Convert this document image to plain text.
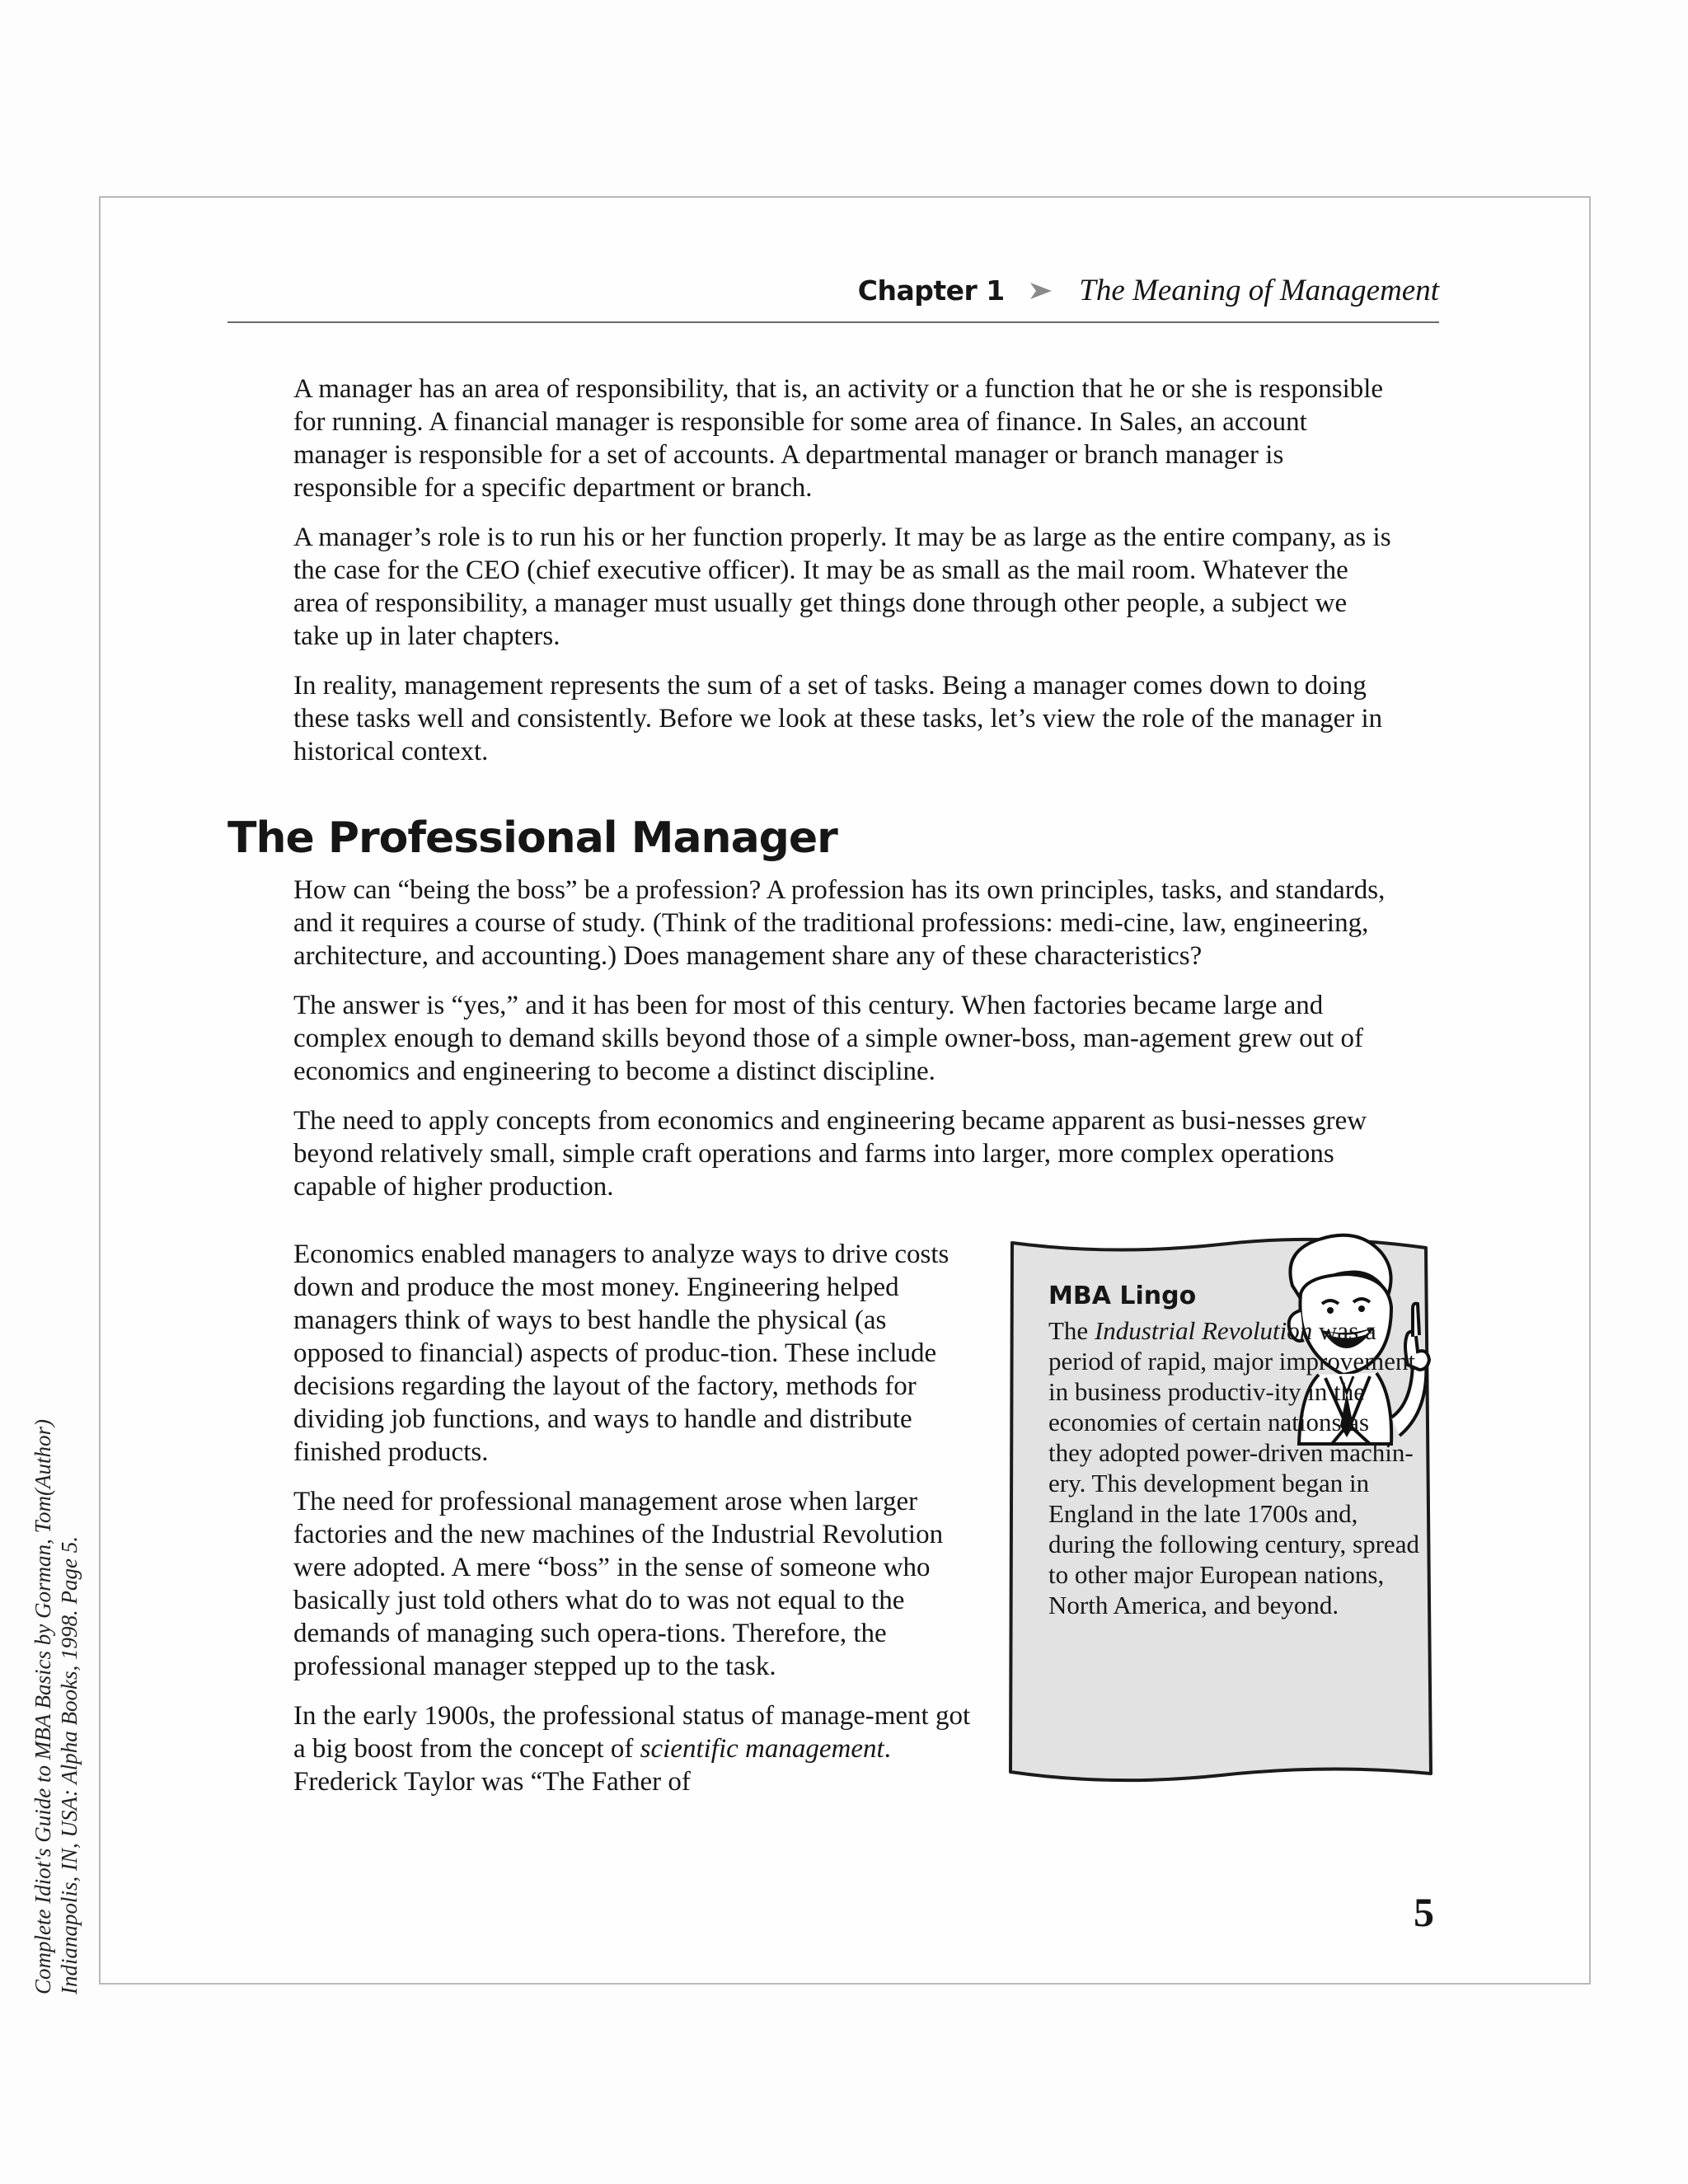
Chapter 1 The Meaning of Management

A manager has an area of responsibility, that is, an activity or a function that he or she is responsible for running. A financial manager is responsible for some area of finance. In Sales, an account manager is responsible for a set of accounts. A departmental manager or branch manager is responsible for a specific department or branch.

A manager’s role is to run his or her function properly. It may be as large as the entire company, as is the case for the CEO (chief executive officer). It may be as small as the mail room. Whatever the area of responsibility, a manager must usually get things done through other people, a subject we take up in later chapters.

In reality, management represents the sum of a set of tasks. Being a manager comes down to doing these tasks well and consistently. Before we look at these tasks, let’s view the role of the manager in historical context.

The Professional Manager

How can “being the boss” be a profession? A profession has its own principles, tasks, and standards, and it requires a course of study. (Think of the traditional professions: medi-cine, law, engineering, architecture, and accounting.) Does management share any of these characteristics?

The answer is “yes,” and it has been for most of this century. When factories became large and complex enough to demand skills beyond those of a simple owner-boss, man-agement grew out of economics and engineering to become a distinct discipline.

The need to apply concepts from economics and engineering became apparent as busi-nesses grew beyond relatively small, simple craft operations and farms into larger, more complex operations capable of higher production.

Economics enabled managers to analyze ways to drive costs down and produce the most money. Engineering helped managers think of ways to best handle the physical (as opposed to financial) aspects of produc-tion. These include decisions regarding the layout of the factory, methods for dividing job functions, and ways to handle and distribute finished products.

The need for professional management arose when larger factories and the new machines of the Industrial Revolution were adopted. A mere “boss” in the sense of someone who basically just told others what do to was not equal to the demands of managing such opera-tions. Therefore, the professional manager stepped up to the task.

In the early 1900s, the professional status of manage-ment got a big boost from the concept of scientific management. Frederick Taylor was “The Father of

MBA Lingo
The Industrial Revolution was a period of rapid, major improvement in business productiv-ity in the economies of certain nations as they adopted power-driven machin-ery. This development began in England in the late 1700s and, during the following century, spread to other major European nations, North America, and beyond.
5
Complete Idiot's Guide to MBA Basics by Gorman, Tom(Author) Indianapolis, IN, USA: Alpha Books, 1998. Page 5.
